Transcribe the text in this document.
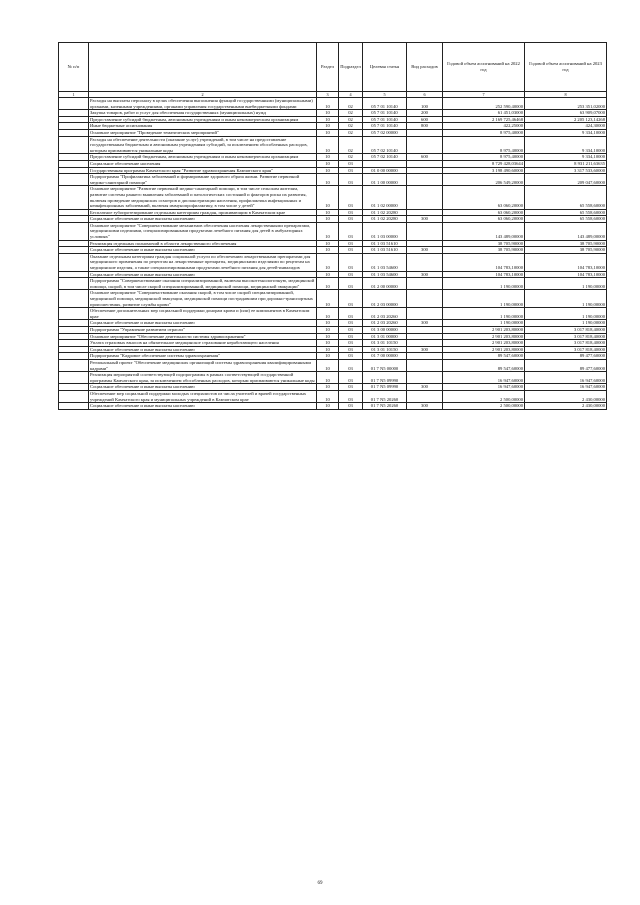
№ п/п		Раздел	Подраздел	Целевая статья	Вид расходов	Годовой объем ассигнований на 2022 год	Годовой объем ассигнований на 2023 год
1	2	3	4	5	6	7	8
	Расходы на выплаты персоналу в целях обеспечения выполнения функций государственными (муниципальными) органами, казенными учреждениями, органами управления государственными внебюджетными фондами	10	02	05 7 01 10140	100	252 590,40000	253 351,02000
	Закупка товаров, работ и услуг для обеспечения государственных (муниципальных) нужд	10	02	05 7 01 10140	200	61 451,03000	63 909,07000
	Предоставление субсидий бюджетным, автономным учреждениям и иным некоммерческим организациям	10	02	05 7 01 10140	600	2 169 725,46468	2 205 123,14268
	Иные бюджетные ассигнования	10	02	05 7 01 10140	800	422,25000	424,30000
	Основное мероприятие "Проведение тематических мероприятий"	10	02	05 7 02 00000		8 975,40000	9 334,10000
	Расходы на обеспечение деятельности (оказание услуг) учреждений, в том числе на предоставление государственным бюджетным и автономным учреждениям субсидий, за исключением обособленных расходов, которым присваиваются уникальные коды	10	02	05 7 02 10140		8 975,40000	9 334,10000
	Предоставление субсидий бюджетным, автономным учреждениям и иным некоммерческим организациям	10	02	05 7 02 10140	600	8 975,40000	9 334,10000
	Социальное обеспечение населения	10	03			8 729 428,03644	8 931 211,63635
	Государственная программа Камчатского края "Развитие здравоохранения Камчатского края"	10	03	01 0 00 00000		3 198 490,60000	3 317 533,60000
	Подпрограмма "Профилактика заболеваний и формирование здорового образа жизни. Развитие первичной медико-санитарной помощи"	10	03	01 1 00 00000		206 549,20000	209 047,60000
	Основное мероприятие "Развитие первичной медико-санитарной помощи, в том числе сельским жителям, развитие системы раннего выявления заболеваний и патологических состояний и факторов риска их развития, включая проведение медицинских осмотров и диспансеризации населения, профилактика инфекционных и неинфекционных заболеваний, включая иммунопрофилактику, в том числе у детей"	10	03	01 1 02 00000		63 060,20000	65 558,60000
	Бесплатное зубопротезирование отдельным категориям граждан, проживающим в Камчатском крае	10	03	01 1 02 20280		63 060,20000	65 558,60000
	Социальное обеспечение и иные выплаты населению	10	03	01 1 02 20280	300	63 060,20000	65 558,60000
	Основное мероприятие "Совершенствование механизмов обеспечения населения лекарственными препаратами, медицинскими изделиями, специализированными продуктами лечебного питания для детей в амбулаторных условиях"	10	03	01 1 03 00000		143 489,00000	143 489,00000
	Реализация отдельных полномочий в области лекарственного обеспечения	10	03	01 1 03 51610		38 705,90000	38 705,90000
	Социальное обеспечение и иные выплаты населению	10	03	01 1 03 51610	300	38 705,90000	38 705,90000
	Оказание отдельным категориям граждан социальной услуги по обеспечению лекарственными препаратами для медицинского применения по рецептам на лекарственные препараты, медицинскими изделиями по рецептам на медицинские изделия, а также специализированными продуктами лечебного питания для детей-инвалидов	10	03	01 1 03 54600		104 783,10000	104 783,10000
	Социальное обеспечение и иные выплаты населению	10	03	01 1 03 54600	300	104 783,10000	104 783,10000
	Подпрограмма "Совершенствование оказания специализированной, включая высокотехнологичную, медицинской помощи, скорой, в том числе скорой специализированной, медицинской помощи, медицинской эвакуации"	10	03	01 2 00 00000		1 190,00000	1 190,00000
	Основное мероприятие "Совершенствование оказания скорой, в том числе скорой специализированной, медицинской помощи, медицинской эвакуации, медицинской помощи пострадавшим при дорожно-транспортных происшествиях, развитие службы крови"	10	03	01 2 03 00000		1 190,00000	1 190,00000
	Обеспечение дополнительных мер социальной поддержки донорам крови и (или) ее компонентов в Камчатском крае	10	03	01 2 03 20260		1 190,00000	1 190,00000
	Социальное обеспечение и иные выплаты населению	10	03	01 2 03 20260	300	1 190,00000	1 190,00000
	Подпрограмма "Управление развитием отрасли"	10	03	01 3 00 00000		2 901 203,80000	3 017 818,40000
	Основное мероприятие "Обеспечение деятельности системы здравоохранения"	10	03	01 3 01 00000		2 901 203,80000	3 017 818,40000
	Уплата страховых взносов на обязательное медицинское страхование неработающего населения	10	03	01 3 01 10150		2 901 203,80000	3 017 818,40000
	Социальное обеспечение и иные выплаты населению	10	03	01 3 01 10150	300	2 901 203,80000	3 017 818,40000
	Подпрограмма "Кадровое обеспечение системы здравоохранения"	10	03	01 7 00 00000		89 547,60000	89 477,60000
	Региональный проект "Обеспечение медицинских организаций системы здравоохранения квалифицированными кадрами"	10	03	01 7 N5 00000		89 547,60000	89 477,60000
	Реализация мероприятий соответствующей подпрограммы в рамках соответствующей государственной программы Камчатского края, за исключением обособленных расходов, которым присваиваются уникальные коды	10	03	01 7 N5 09990		16 947,60000	16 947,60000
	Социальное обеспечение и иные выплаты населению	10	03	01 7 N5 09990	300	16 947,60000	16 947,60000
	Обеспечение мер социальной поддержки молодых специалистов из числа учителей и врачей государственных учреждений Камчатского края и муниципальных учреждений в Камчатском крае	10	03	01 7 N5 20260		2 500,00000	2 430,00000
	Социальное обеспечение и иные выплаты населению	10	03	01 7 N5 20260	300	2 500,00000	2 430,00000
69
